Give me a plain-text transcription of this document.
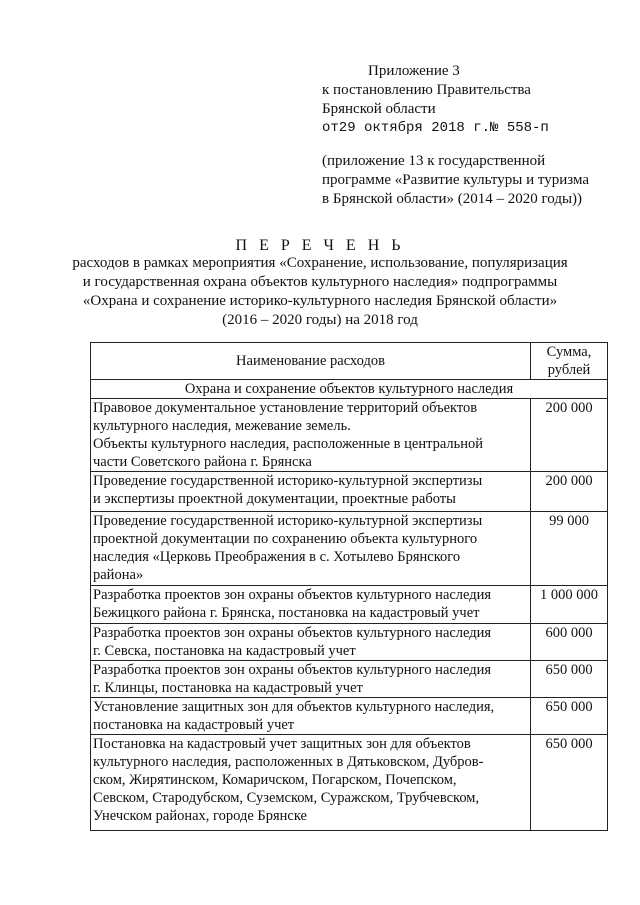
Приложение 3
к постановлению Правительства
Брянской области
от29 октября 2018 г.№ 558-п
(приложение 13 к государственной
программе «Развитие культуры и туризма
в Брянской области» (2014 – 2020 годы))
П Е Р Е Ч Е Н Ь
расходов в рамках мероприятия «Сохранение, использование, популяризация
и государственная охрана объектов культурного наследия» подпрограммы
«Охрана и сохранение историко-культурного наследия Брянской области»
(2016 – 2020 годы) на 2018 год
Наименование расходов	Сумма,
рублей

Охрана и сохранение объектов культурного наследия	

Правовое документальное установление территорий объектов
культурного наследия, межевание земель.
Объекты культурного наследия, расположенные в центральной
части Советского района г. Брянска	200 000

Проведение государственной историко-культурной экспертизы
и экспертизы проектной документации, проектные работы	200 000

Проведение государственной историко-культурной экспертизы
проектной документации по сохранению объекта культурного
наследия «Церковь Преображения в с. Хотылево Брянского
района»	99 000

Разработка проектов зон охраны объектов культурного наследия
Бежицкого района г. Брянска, постановка на кадастровый учет	1 000 000

Разработка проектов зон охраны объектов культурного наследия
г. Севска, постановка на кадастровый учет	600 000

Разработка проектов зон охраны объектов культурного наследия
г. Клинцы, постановка на кадастровый учет	650 000

Установление защитных зон для объектов культурного наследия,
постановка на кадастровый учет	650 000

Постановка на кадастровый учет защитных зон для объектов
культурного наследия, расположенных в Дятьковском, Дубров-
ском, Жирятинском, Комаричском, Погарском, Почепском,
Севском, Стародубском, Суземском, Суражском, Трубчевском,
Унечском районах, городе Брянске	650 000
